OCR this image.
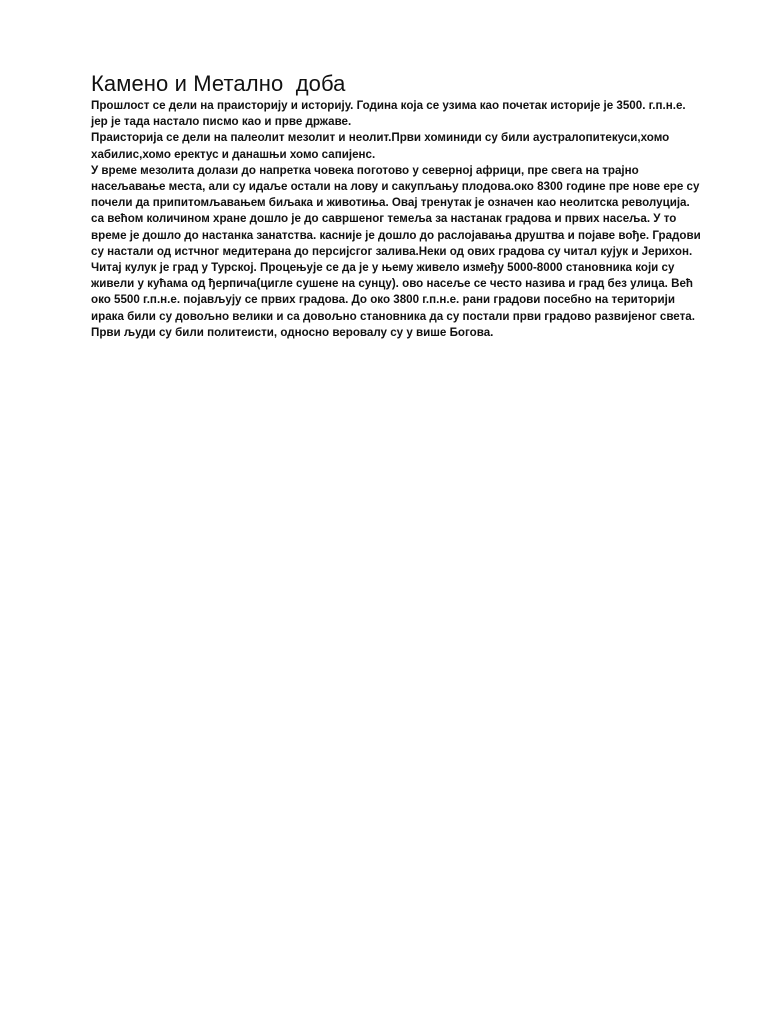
Камено и Метално  доба

Прошлост се дели на праисторију и историју. Година која се узима као почетак историје је 3500. г.п.н.е. јер је тада настало писмо као и прве државе.

Праисторија се дели на палеолит мезолит и неолит.Први хоминиди су били аустралопитекуси,хомо хабилис,хомо еректус и данашњи хомо сапијенс.

У време мезолита долази до напретка човека поготово у северној африци, пре свега на трајно насељавање места, али су идаље остали на лову и сакупљању плодова.око 8300 године пре нове ере су почели да припитомљавањем биљака и животиња. Овај тренутак је означен као неолитска револуција. са већом количином хране дошло је до савршеног темеља за настанак градова и првих насеља. У то време је дошло до настанка занатства. касније је дошло до раслојавања друштва и појаве вођe. Градови су настали од истчног медитерана до персијсгог залива.Неки од ових градова су читал кујук и Јерихон. Читај кулук је град у Турској. Процењује се да је у њему живело између 5000-8000 становника који су живели у кућама од ђерпича(цигле сушене на сунцу). ово насеље се често назива и град без улица. Већ око 5500 г.п.н.е. појављују се првих градова. До око 3800 г.п.н.е. рани градови посебно на територији ирака били су довољно велики и са довољно становника да су постали први градово развијеног света.

Први људи су били политеисти, односно веровалу су у више Богова.
